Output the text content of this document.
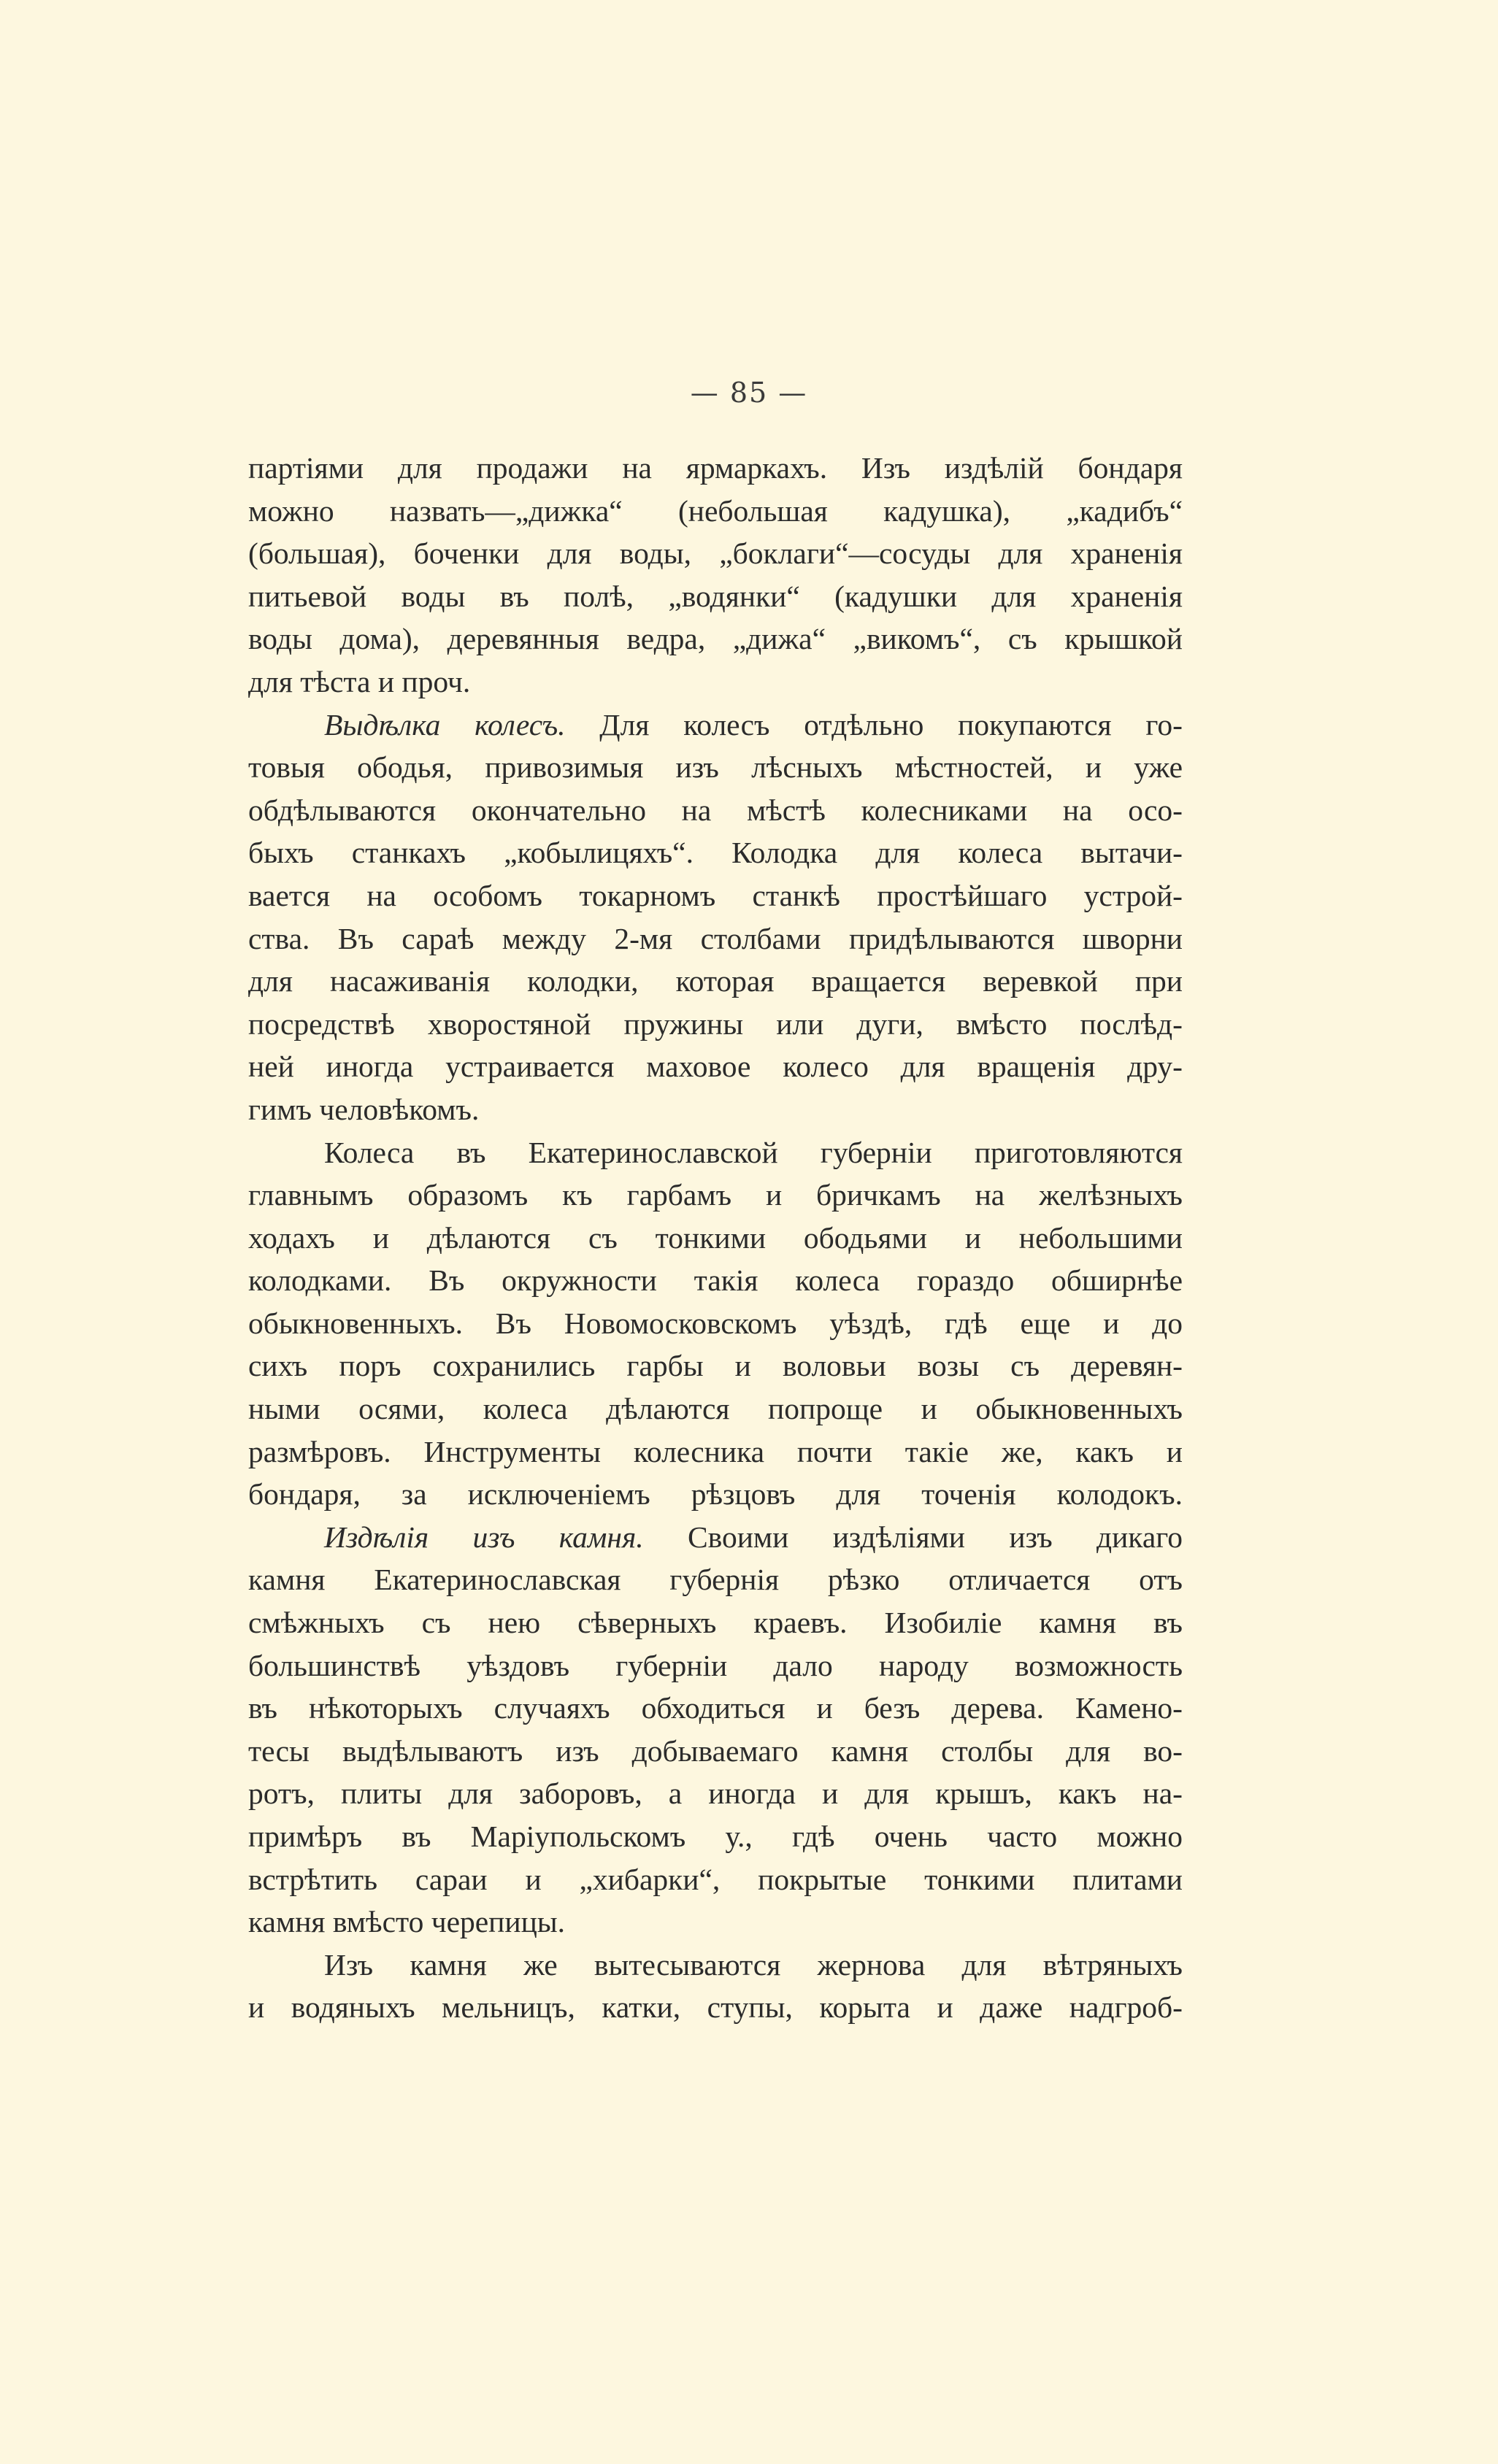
— 85 —
партіями для продажи на ярмаркахъ. Изъ издѣлій бондаря
можно назвать—„дижка“ (небольшая кадушка), „кадибъ“
(большая), боченки для воды, „боклаги“—сосуды для храненія
питьевой воды въ полѣ, „водянки“ (кадушки для храненія
воды дома), деревянныя ведра, „дижа“ „викомъ“, съ крышкой
для тѣста и проч.
Выдѣлка колесъ. Для колесъ отдѣльно покупаются го-
товыя ободья, привозимыя изъ лѣсныхъ мѣстностей, и уже
обдѣлываются окончательно на мѣстѣ колесниками на осо-
быхъ станкахъ „кобылицяхъ“. Колодка для колеса вытачи-
вается на особомъ токарномъ станкѣ простѣйшаго устрой-
ства. Въ сараѣ между 2-мя столбами придѣлываются шворни
для насаживанія колодки, которая вращается веревкой при
посредствѣ хворостяной пружины или дуги, вмѣсто послѣд-
ней иногда устраивается маховое колесо для вращенія дру-
гимъ человѣкомъ.
Колеса въ Екатеринославской губерніи приготовляются
главнымъ образомъ къ гарбамъ и бричкамъ на желѣзныхъ
ходахъ и дѣлаются съ тонкими ободьями и небольшими
колодками. Въ окружности такія колеса гораздо обширнѣе
обыкновенныхъ. Въ Новомосковскомъ уѣздѣ, гдѣ еще и до
сихъ поръ сохранились гарбы и воловьи возы съ деревян-
ными осями, колеса дѣлаются попроще и обыкновенныхъ
размѣровъ. Инструменты колесника почти такіе же, какъ и
бондаря, за исключеніемъ рѣзцовъ для точенія колодокъ.
Издѣлія изъ камня. Своими издѣліями изъ дикаго
камня Екатеринославская губернія рѣзко отличается отъ
смѣжныхъ съ нею сѣверныхъ краевъ. Изобиліе камня въ
большинствѣ уѣздовъ губерніи дало народу возможность
въ нѣкоторыхъ случаяхъ обходиться и безъ дерева. Камено-
тесы выдѣлываютъ изъ добываемаго камня столбы для во-
ротъ, плиты для заборовъ, а иногда и для крышъ, какъ на-
примѣръ въ Маріупольскомъ у., гдѣ очень часто можно
встрѣтить сараи и „хибарки“, покрытые тонкими плитами
камня вмѣсто черепицы.
Изъ камня же вытесываются жернова для вѣтряныхъ
и водяныхъ мельницъ, катки, ступы, корыта и даже надгроб-
